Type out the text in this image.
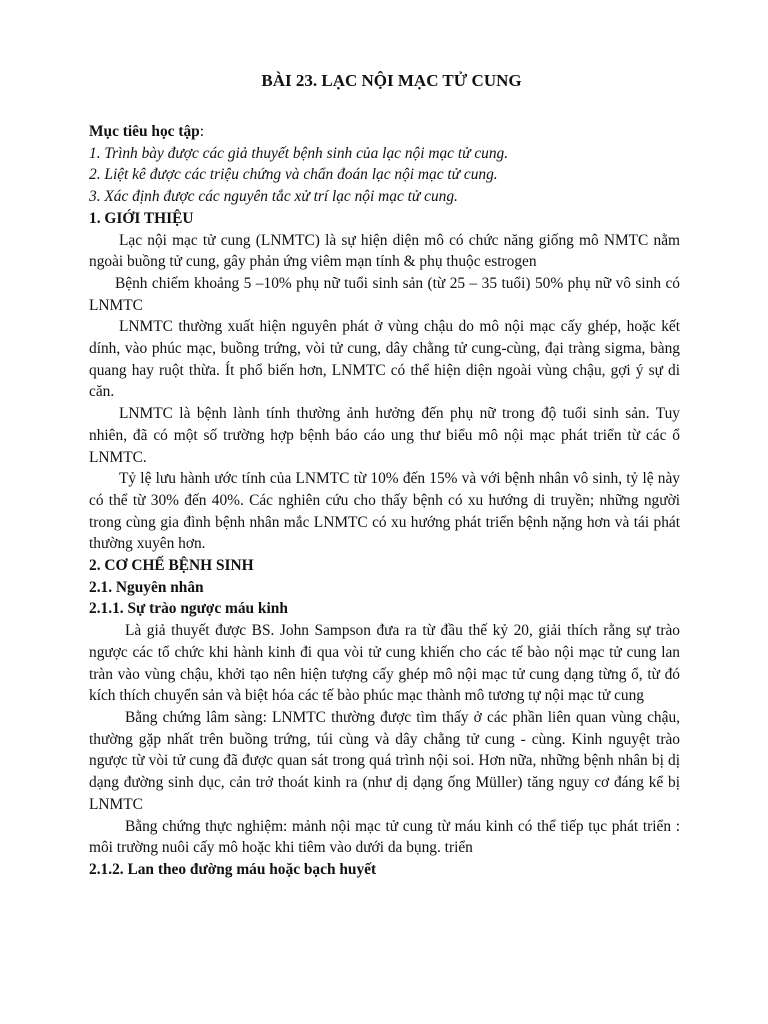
BÀI 23. LẠC NỘI MẠC TỬ CUNG
Mục tiêu học tập:
1. Trình bày được các giả thuyết bệnh sinh của lạc nội mạc tử cung.
2. Liệt kê được các triệu chứng và chẩn đoán lạc nội mạc tử cung.
3. Xác định được các nguyên tắc xử trí lạc nội mạc tử cung.
1. GIỚI THIỆU

Lạc nội mạc tử cung (LNMTC) là sự hiện diện mô có chức năng giống mô NMTC nằm ngoài buồng tử cung, gây phản ứng viêm mạn tính & phụ thuộc estrogen

Bệnh chiếm khoảng 5 –10% phụ nữ tuổi sinh sản (từ 25 – 35 tuổi) 50% phụ nữ vô sinh có LNMTC

LNMTC thường xuất hiện nguyên phát ở vùng chậu do mô nội mạc cấy ghép, hoặc kết dính, vào phúc mạc, buồng trứng, vòi tử cung, dây chằng tử cung-cùng, đại tràng sigma, bàng quang hay ruột thừa. Ít phổ biến hơn, LNMTC có thể hiện diện ngoài vùng chậu, gợi ý sự di căn.

LNMTC là bệnh lành tính thường ảnh hưởng đến phụ nữ trong độ tuổi sinh sản. Tuy nhiên, đã có một số trường hợp bệnh báo cáo ung thư biểu mô nội mạc phát triển từ các ổ LNMTC.

Tỷ lệ lưu hành ước tính của LNMTC từ 10% đến 15% và với bệnh nhân vô sinh, tỷ lệ này có thể từ 30% đến 40%. Các nghiên cứu cho thấy bệnh có xu hướng di truyền; những người trong cùng gia đình bệnh nhân mắc LNMTC có xu hướng phát triển bệnh nặng hơn và tái phát thường xuyên hơn.

2. CƠ CHẾ BỆNH SINH
2.1. Nguyên nhân
2.1.1. Sự trào ngược máu kinh

Là giả thuyết được BS. John Sampson đưa ra từ đầu thế kỷ 20, giải thích rằng sự trào ngược các tổ chức khi hành kinh đi qua vòi tử cung khiến cho các tế bào nội mạc tử cung lan tràn vào vùng chậu, khởi tạo nên hiện tượng cấy ghép mô nội mạc tử cung dạng từng ổ, từ đó kích thích chuyển sản và biệt hóa các tế bào phúc mạc thành mô tương tự nội mạc tử cung

Bằng chứng lâm sàng: LNMTC thường được tìm thấy ở các phần liên quan vùng chậu, thường gặp nhất trên buồng trứng, túi cùng và dây chằng tử cung - cùng. Kinh nguyệt trào ngược từ vòi tử cung đã được quan sát trong quá trình nội soi. Hơn nữa, những bệnh nhân bị dị dạng đường sinh dục, cản trở thoát kinh ra (như dị dạng ống Müller) tăng nguy cơ đáng kể bị LNMTC

Bằng chứng thực nghiệm: mảnh nội mạc tử cung từ máu kinh có thể tiếp tục phát triển : môi trường nuôi cấy mô hoặc khi tiêm vào dưới da bụng. triển

2.1.2. Lan theo đường máu hoặc bạch huyết
